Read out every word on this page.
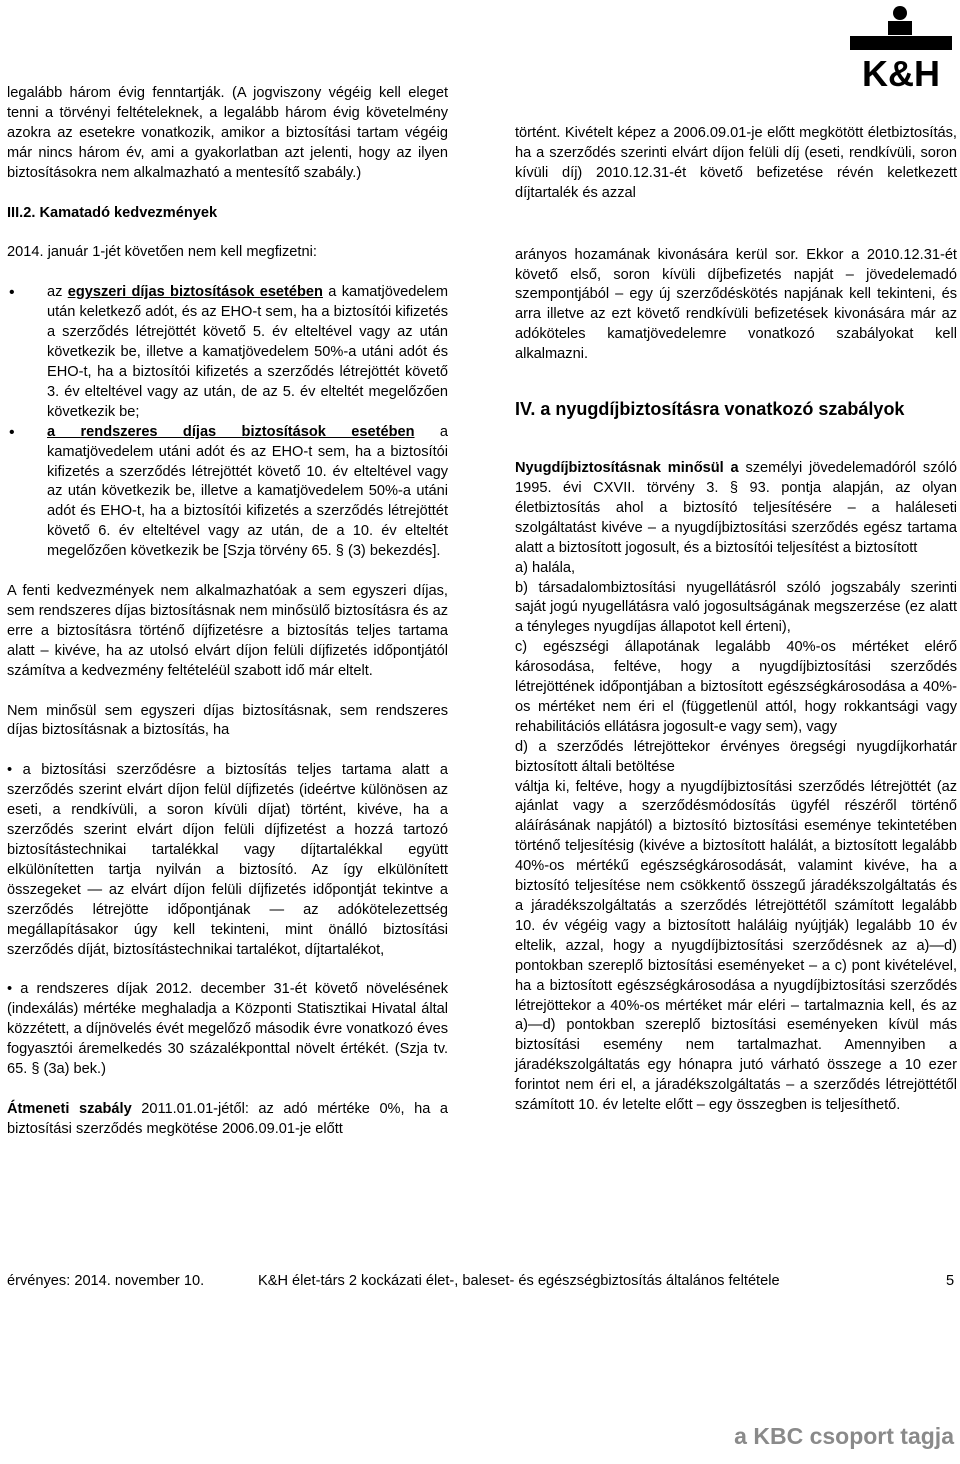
K&H

legalább három évig fenntartják. (A jogviszony végéig kell eleget tenni a törvényi feltételeknek, a legalább három évig követelmény azokra az esetekre vonatkozik, amikor a biztosítási tartam végéig már nincs három év, ami a gyakorlatban azt jelenti, hogy az ilyen biztosításokra nem alkalmazható a mentesítő szabály.)

III.2. Kamatadó kedvezmények

2014. január 1-jét követően nem kell megfizetni:

• az egyszeri díjas biztosítások esetében a kamatjövedelem után keletkező adót, és az EHO-t sem, ha a biztosítói kifizetés a szerződés létrejöttét követő 5. év elteltével vagy az után következik be, illetve a kamatjövedelem 50%-a utáni adót és EHO-t, ha a biztosítói kifizetés a szerződés létrejöttét követő 3. év elteltével vagy az után, de az 5. év elteltét megelőzően következik be;
• a rendszeres díjas biztosítások esetében a kamatjövedelem utáni adót és az EHO-t sem, ha a biztosítói kifizetés a szerződés létrejöttét követő 10. év elteltével vagy az után következik be, illetve a kamatjövedelem 50%-a utáni adót és EHO-t, ha a biztosítói kifizetés a szerződés létrejöttét követő 6. év elteltével vagy az után, de a 10. év elteltét megelőzően következik be [Szja törvény 65. § (3) bekezdés].

A fenti kedvezmények nem alkalmazhatóak a sem egyszeri díjas, sem rendszeres díjas biztosításnak nem minősülő biztosításra és az erre a biztosításra történő díjfizetésre a biztosítás teljes tartama alatt – kivéve, ha az utolsó elvárt díjon felüli díjfizetés időpontjától számítva a kedvezmény feltételéül szabott idő már eltelt.

Nem minősül sem egyszeri díjas biztosításnak, sem rendszeres díjas biztosításnak a biztosítás, ha

• a biztosítási szerződésre a biztosítás teljes tartama alatt a szerződés szerint elvárt díjon felül díjfizetés (ideértve különösen az eseti, a rendkívüli, a soron kívüli díjat) történt, kivéve, ha a szerződés szerint elvárt díjon felüli díjfizetést a hozzá tartozó biztosítástechnikai tartalékkal vagy díjtartalékkal együtt elkülönítetten tartja nyilván a biztosító. Az így elkülönített összegeket — az elvárt díjon felüli díjfizetés időpontját tekintve a szerződés létrejötte időpontjának — az adókötelezettség megállapításakor úgy kell tekinteni, mint önálló biztosítási szerződés díját, biztosítástechnikai tartalékot, díjtartalékot,

• a rendszeres díjak 2012. december 31-ét követő növelésének (indexálás) mértéke meghaladja a Központi Statisztikai Hivatal által közzétett, a díjnövelés évét megelőző második évre vonatkozó éves fogyasztói áremelkedés 30 százalékponttal növelt értékét. (Szja tv. 65. § (3a) bek.)

Átmeneti szabály 2011.01.01-jétől: az adó mértéke 0%, ha a biztosítási szerződés megkötése 2006.09.01-je előtt

történt. Kivételt képez a 2006.09.01-je előtt megkötött életbiztosítás, ha a szerződés szerinti elvárt díjon felüli díj (eseti, rendkívüli, soron kívüli díj) 2010.12.31-ét követő befizetése révén keletkezett díjtartalék és azzal

arányos hozamának kivonására kerül sor. Ekkor a 2010.12.31-ét követő első, soron kívüli díjbefizetés napját – jövedelemadó szempontjából – egy új szerződéskötés napjának kell tekinteni, és arra illetve az ezt követő rendkívüli befizetések kivonására már az adóköteles kamatjövedelemre vonatkozó szabályokat kell alkalmazni.

IV. a nyugdíjbiztosításra vonatkozó szabályok

Nyugdíjbiztosításnak minősül a személyi jövedelemadóról szóló 1995. évi CXVII. törvény 3. § 93. pontja alapján, az olyan életbiztosítás ahol a biztosító teljesítésére – a haláleseti szolgáltatást kivéve – a nyugdíjbiztosítási szerződés egész tartama alatt a biztosított jogosult, és a biztosítói teljesítést a biztosított

a) halála,

b) társadalombiztosítási nyugellátásról szóló jogszabály szerinti saját jogú nyugellátásra való jogosultságának megszerzése (ez alatt a tényleges nyugdíjas állapotot kell érteni),

c) egészségi állapotának legalább 40%-os mértéket elérő károsodása, feltéve, hogy a nyugdíjbiztosítási szerződés létrejöttének időpontjában a biztosított egészségkárosodása a 40%-os mértéket nem éri el (függetlenül attól, hogy rokkantsági vagy rehabilitációs ellátásra jogosult-e vagy sem), vagy

d) a szerződés létrejöttekor érvényes öregségi nyugdíjkorhatár biztosított általi betöltése

váltja ki, feltéve, hogy a nyugdíjbiztosítási szerződés létrejöttét (az ajánlat vagy a szerződésmódosítás ügyfél részéről történő aláírásának napjától) a biztosító biztosítási eseménye tekintetében történő teljesítésig (kivéve a biztosított halálát, a biztosított legalább 40%-os mértékű egészségkárosodását, valamint kivéve, ha a biztosító teljesítése nem csökkentő összegű járadékszolgáltatás és a járadékszolgáltatás a szerződés létrejöttétől számított legalább 10. év végéig vagy a biztosított haláláig nyújtják) legalább 10 év eltelik, azzal, hogy a nyugdíjbiztosítási szerződésnek az a)—d) pontokban szereplő biztosítási eseményeket – a c) pont kivételével, ha a biztosított egészségkárosodása a nyugdíjbiztosítási szerződés létrejöttekor a 40%-os mértéket már eléri – tartalmaznia kell, és az a)—d) pontokban szereplő biztosítási eseményeken kívül más biztosítási esemény nem tartalmazhat. Amennyiben a járadékszolgáltatás egy hónapra jutó várható összege a 10 ezer forintot nem éri el, a járadékszolgáltatás – a szerződés létrejöttétől számított 10. év letelte előtt – egy összegben is teljesíthető.

érvényes: 2014. november 10.	K&H élet-társ 2 kockázati élet-, baleset- és egészségbiztosítás általános feltétele	5
a KBC csoport tagja
